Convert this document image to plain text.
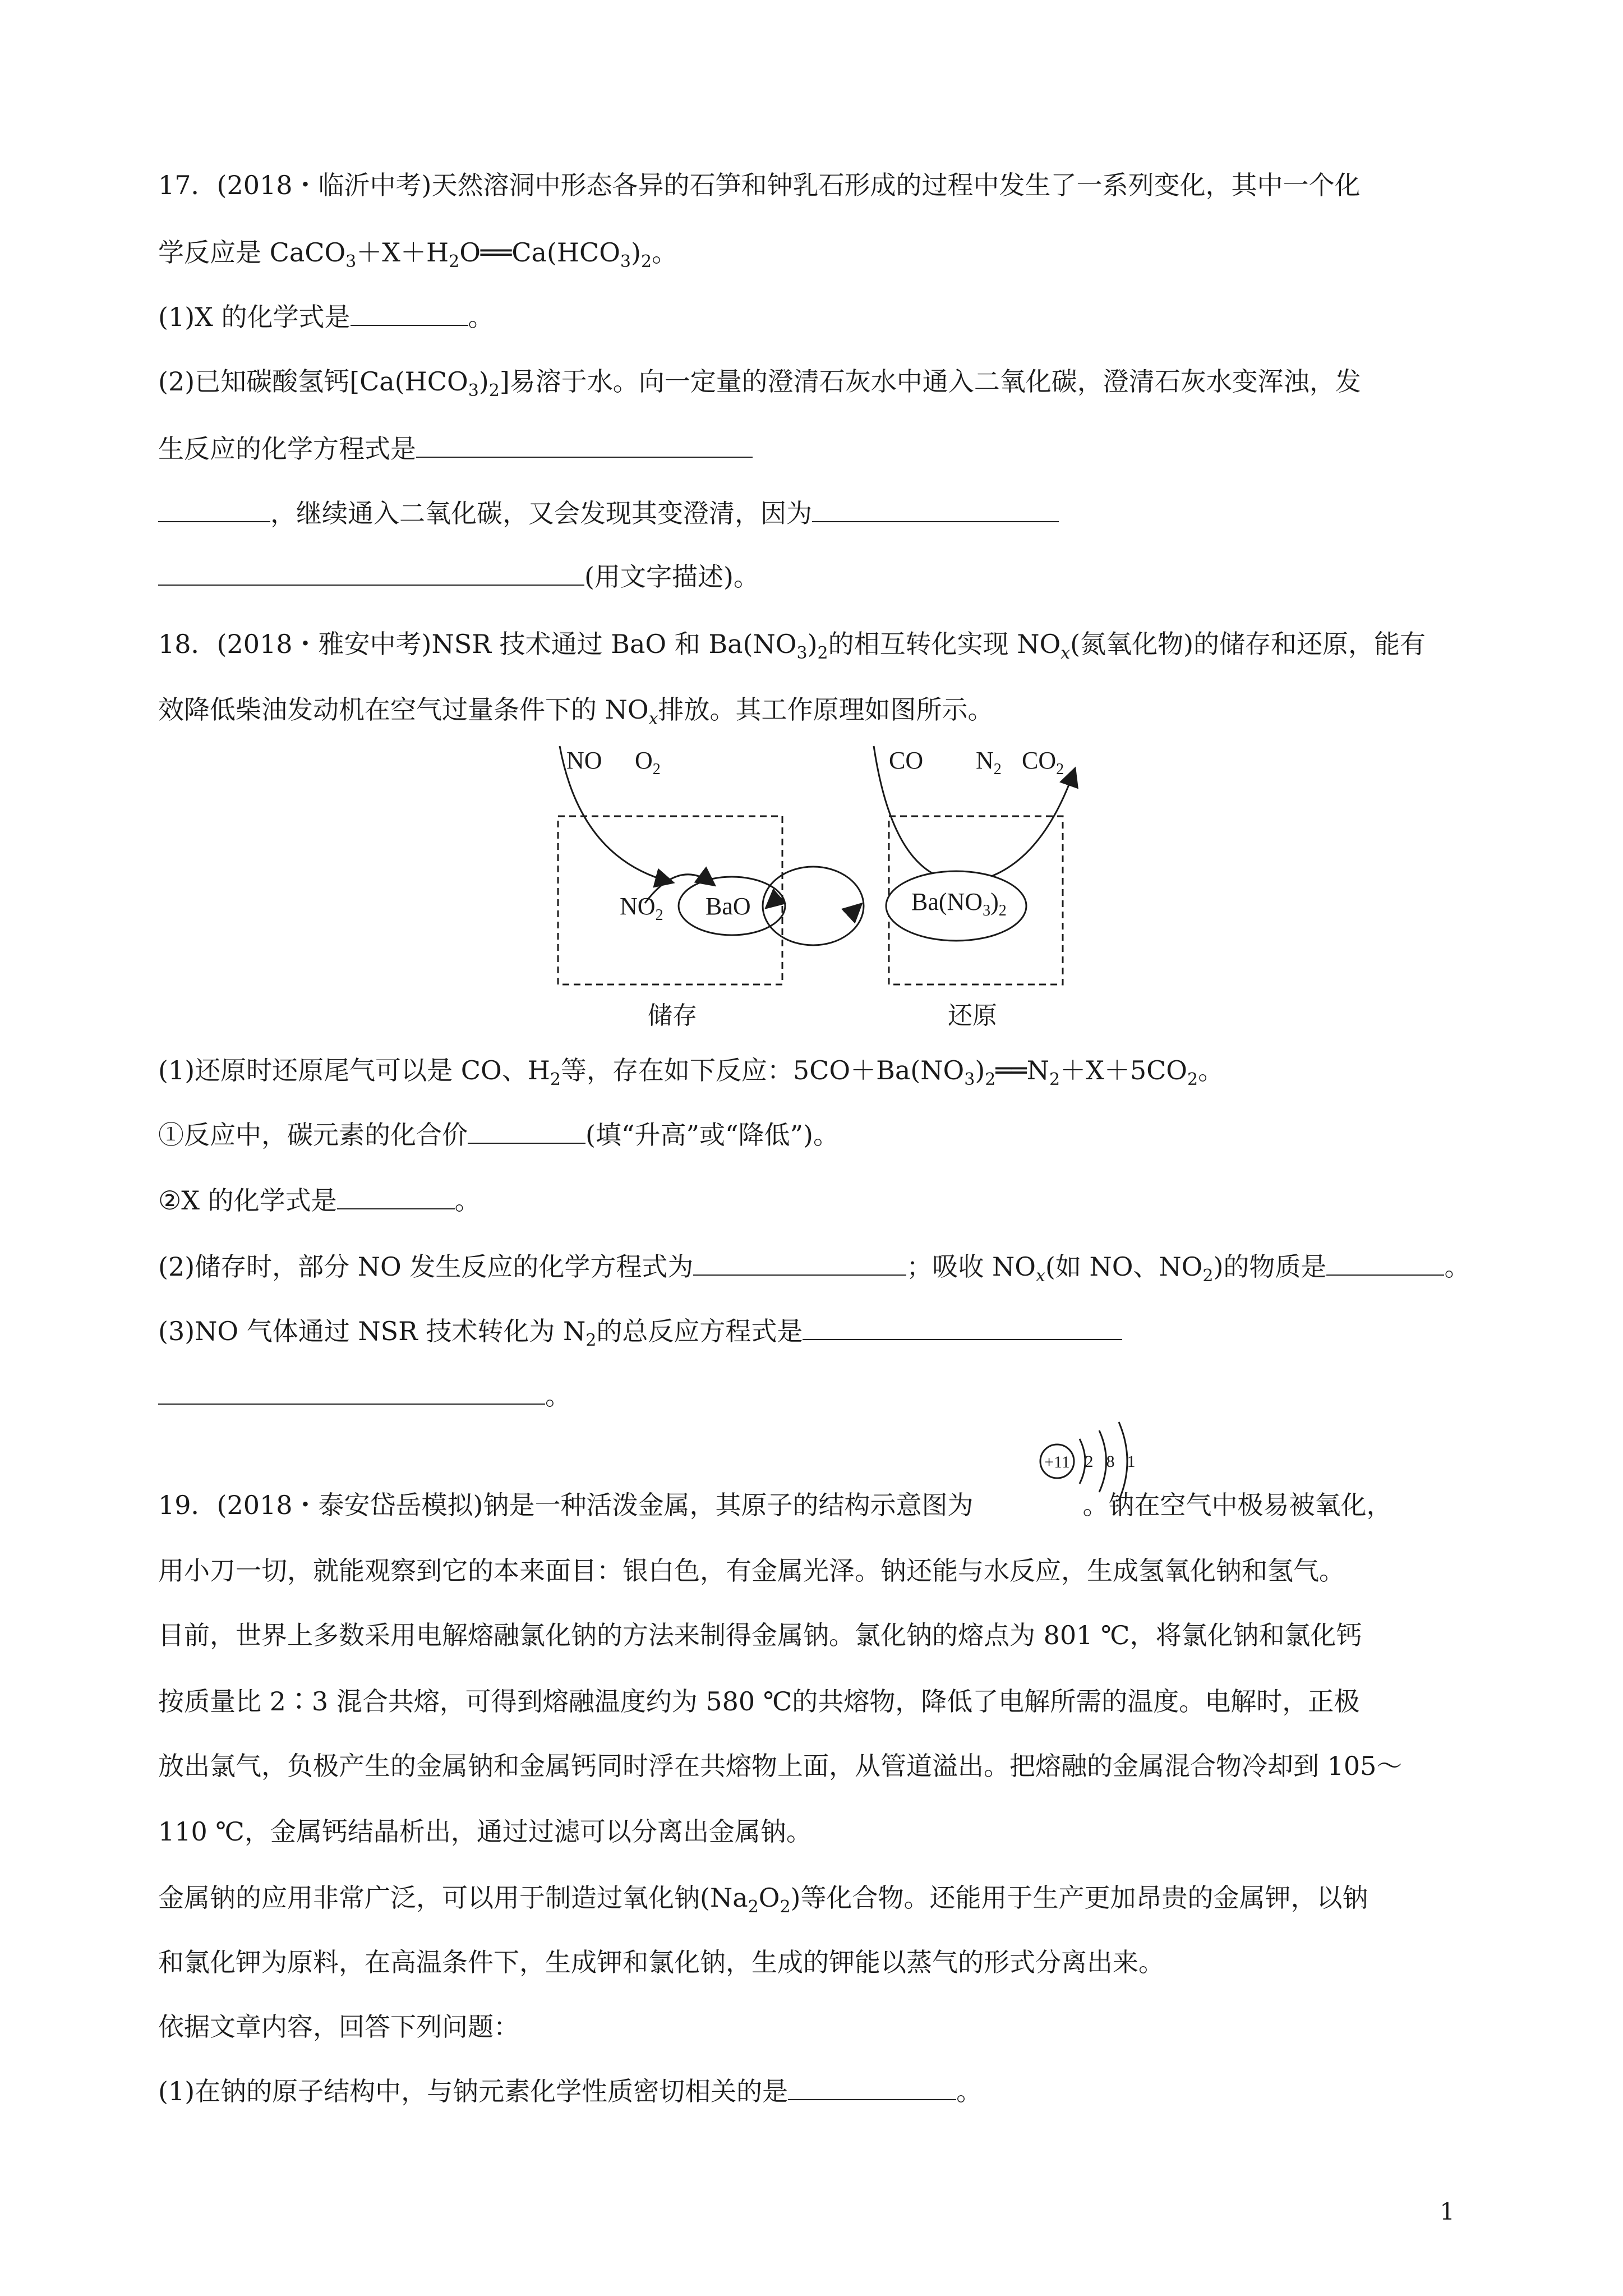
17．(2018・临沂中考)天然溶洞中形态各异的石笋和钟乳石形成的过程中发生了一系列变化，其中一个化
学反应是 $CaCO_3+X+H_2O══Ca(HCO_3)_2$。
(1)X 的化学式是	。
(2)已知碳酸氢钙$[Ca(HCO_3)_2]$易溶于水。向一定量的澄清石灰水中通入二氧化碳，澄清石灰水变浑浊，发
生反应的化学方程式是
，继续通入二氧化碳，又会发现其变澄清，因为
(用文字描述)。
18．(2018・雅安中考)NSR 技术通过 BaO 和 $Ba(NO_3)_2$的相互转化实现 $NO_x$(氮氧化物)的储存和还原，能有
效降低柴油发动机在空气过量条件下的 $NO_x$排放。其工作原理如图所示。
NO $O_2$	CO $N_2$ $CO_2$
$NO_2$ BaO	$Ba(NO_3)_2$
储存	还原
(1)还原时还原尾气可以是 CO、$H_2$等，存在如下反应：$5CO+Ba(NO_3)_2══N_2+X+5CO_2$。
①反应中，碳元素的化合价	(填“升高”或“降低”)。
②X 的化学式是	。
(2)储存时，部分 NO 发生反应的化学方程式为	；吸收 $NO_x$(如 NO、$NO_2$)的物质是	。
(3)NO 气体通过 NSR 技术转化为 $N_2$的总反应方程式是
。
19．(2018・泰安岱岳模拟)钠是一种活泼金属，其原子的结构示意图为	。钠在空气中极易被氧化，
+11 2 8 1
用小刀一切，就能观察到它的本来面目：银白色，有金属光泽。钠还能与水反应，生成氢氧化钠和氢气。
目前，世界上多数采用电解熔融氯化钠的方法来制得金属钠。氯化钠的熔点为 801 ℃，将氯化钠和氯化钙
按质量比 2∶3 混合共熔，可得到熔融温度约为 580 ℃的共熔物，降低了电解所需的温度。电解时，正极
放出氯气，负极产生的金属钠和金属钙同时浮在共熔物上面，从管道溢出。把熔融的金属混合物冷却到 105～
110 ℃，金属钙结晶析出，通过过滤可以分离出金属钠。
金属钠的应用非常广泛，可以用于制造过氧化钠$(Na_2O_2)$等化合物。还能用于生产更加昂贵的金属钾，以钠
和氯化钾为原料，在高温条件下，生成钾和氯化钠，生成的钾能以蒸气的形式分离出来。
依据文章内容，回答下列问题：
(1)在钠的原子结构中，与钠元素化学性质密切相关的是	。
1
